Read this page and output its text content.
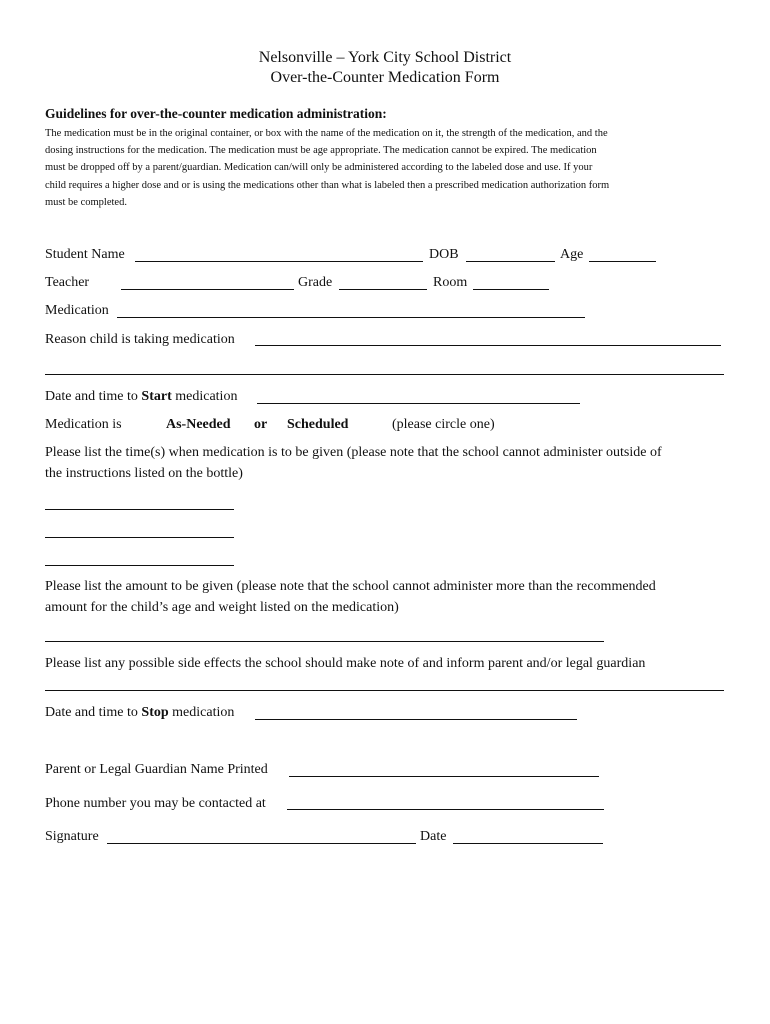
Nelsonville – York City School District
Over-the-Counter Medication Form
Guidelines for over-the-counter medication administration:
The medication must be in the original container, or box with the name of the medication on it, the strength of the medication, and the
dosing instructions for the medication. The medication must be age appropriate. The medication cannot be expired. The medication
must be dropped off by a parent/guardian. Medication can/will only be administered according to the labeled dose and use. If your
child requires a higher dose and or is using the medications other than what is labeled then a prescribed medication authorization form
must be completed.
Student Name	DOB	Age
Teacher	Grade	Room
Medication
Reason child is taking medication
Date and time to Start medication
Medication is	As-Needed or Scheduled	(please circle one)
Please list the time(s) when medication is to be given (please note that the school cannot administer outside of
the instructions listed on the bottle)
Please list the amount to be given (please note that the school cannot administer more than the recommended
amount for the child’s age and weight listed on the medication)
Please list any possible side effects the school should make note of and inform parent and/or legal guardian
Date and time to Stop medication
Parent or Legal Guardian Name Printed
Phone number you may be contacted at
Signature	Date
